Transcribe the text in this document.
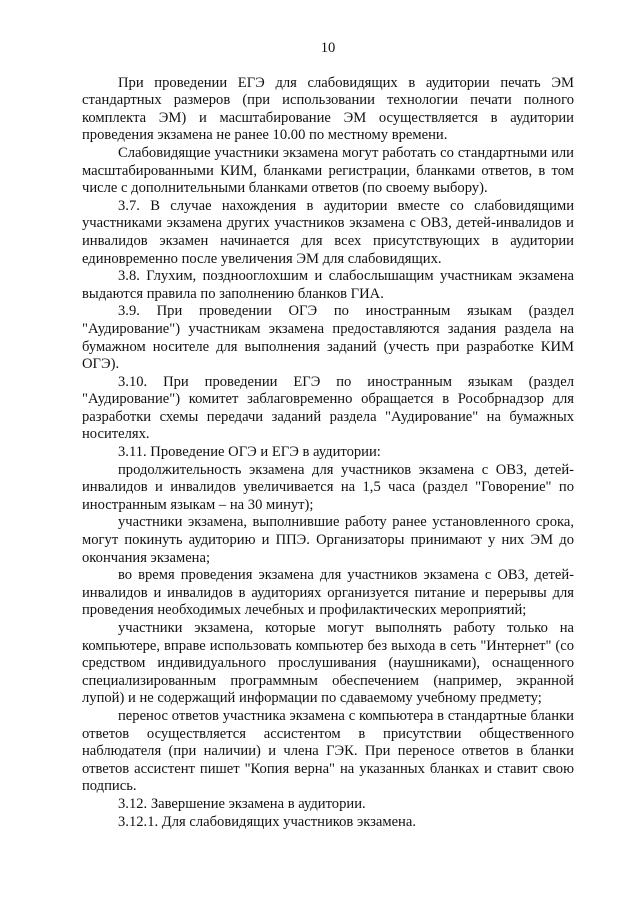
10

При проведении ЕГЭ для слабовидящих в аудитории печать ЭМ стандартных размеров (при использовании технологии печати полного комплекта ЭМ) и масштабирование ЭМ осуществляется в аудитории проведения экзамена не ранее 10.00 по местному времени.

Слабовидящие участники экзамена могут работать со стандартными или масштабированными КИМ, бланками регистрации, бланками ответов, в том числе с дополнительными бланками ответов (по своему выбору).

3.7. В случае нахождения в аудитории вместе со слабовидящими участниками экзамена других участников экзамена с ОВЗ, детей-инвалидов и инвалидов экзамен начинается для всех присутствующих в аудитории единовременно после увеличения ЭМ для слабовидящих.

3.8. Глухим, позднооглохшим и слабослышащим участникам экзамена выдаются правила по заполнению бланков ГИА.

3.9. При проведении ОГЭ по иностранным языкам (раздел "Аудирование") участникам экзамена предоставляются задания раздела на бумажном носителе для выполнения заданий (учесть при разработке КИМ ОГЭ).

3.10. При проведении ЕГЭ по иностранным языкам (раздел "Аудирование") комитет заблаговременно обращается в Рособрнадзор для разработки схемы передачи заданий раздела "Аудирование" на бумажных носителях.

3.11. Проведение ОГЭ и ЕГЭ в аудитории:

продолжительность экзамена для участников экзамена с ОВЗ, детей-инвалидов и инвалидов увеличивается на 1,5 часа (раздел "Говорение" по иностранным языкам – на 30 минут);

участники экзамена, выполнившие работу ранее установленного срока, могут покинуть аудиторию и ППЭ. Организаторы принимают у них ЭМ до окончания экзамена;

во время проведения экзамена для участников экзамена с ОВЗ, детей-инвалидов и инвалидов в аудиториях организуется питание и перерывы для проведения необходимых лечебных и профилактических мероприятий;

участники экзамена, которые могут выполнять работу только на компьютере, вправе использовать компьютер без выхода в сеть "Интернет" (со средством индивидуального прослушивания (наушниками), оснащенного специализированным программным обеспечением (например, экранной лупой) и не содержащий информации по сдаваемому учебному предмету;

перенос ответов участника экзамена с компьютера в стандартные бланки ответов осуществляется ассистентом в присутствии общественного наблюдателя (при наличии) и члена ГЭК. При переносе ответов в бланки ответов ассистент пишет "Копия верна" на указанных бланках и ставит свою подпись.

3.12. Завершение экзамена в аудитории.

3.12.1. Для слабовидящих участников экзамена.
